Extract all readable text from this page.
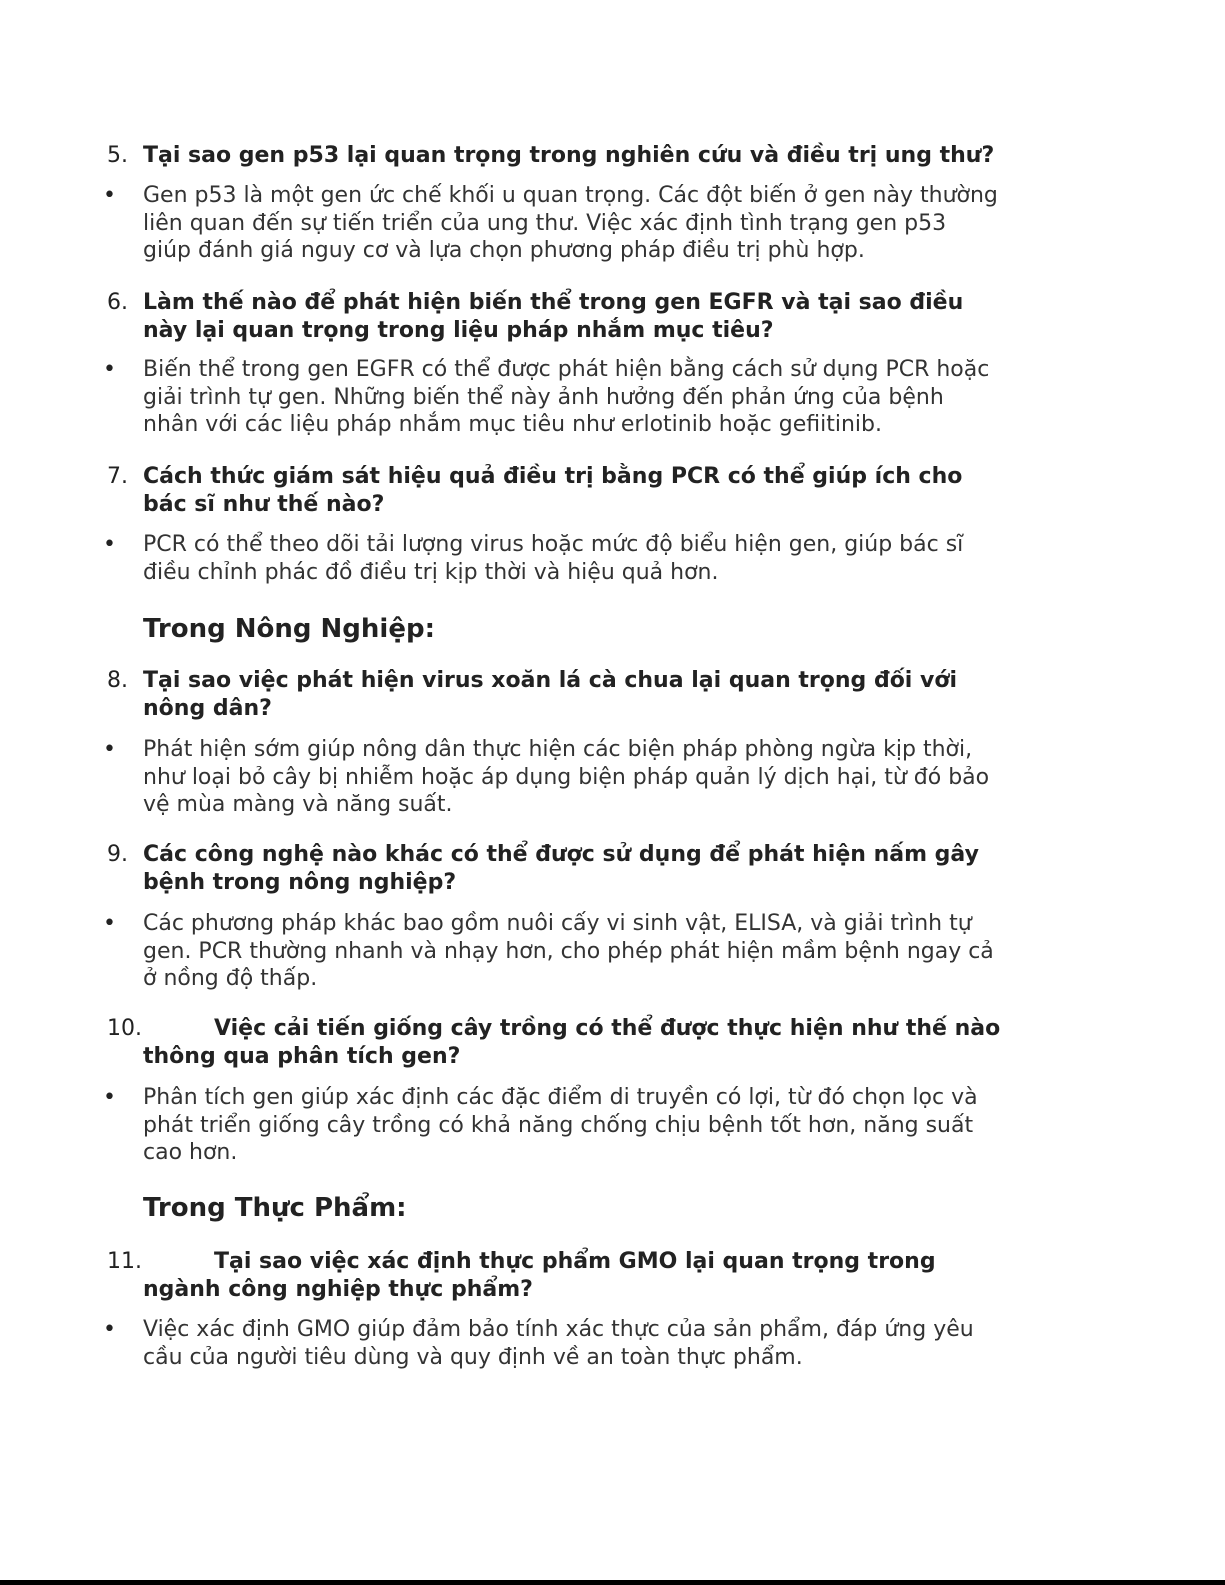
5. Tại sao gen p53 lại quan trọng trong nghiên cứu và điều trị ung thư?
• Gen p53 là một gen ức chế khối u quan trọng. Các đột biến ở gen này thường
liên quan đến sự tiến triển của ung thư. Việc xác định tình trạng gen p53
giúp đánh giá nguy cơ và lựa chọn phương pháp điều trị phù hợp.
6. Làm thế nào để phát hiện biến thể trong gen EGFR và tại sao điều
này lại quan trọng trong liệu pháp nhắm mục tiêu?
• Biến thể trong gen EGFR có thể được phát hiện bằng cách sử dụng PCR hoặc
giải trình tự gen. Những biến thể này ảnh hưởng đến phản ứng của bệnh
nhân với các liệu pháp nhắm mục tiêu như erlotinib hoặc gefiitinib.
7. Cách thức giám sát hiệu quả điều trị bằng PCR có thể giúp ích cho
bác sĩ như thế nào?
• PCR có thể theo dõi tải lượng virus hoặc mức độ biểu hiện gen, giúp bác sĩ
điều chỉnh phác đồ điều trị kịp thời và hiệu quả hơn.
Trong Nông Nghiệp:
8. Tại sao việc phát hiện virus xoăn lá cà chua lại quan trọng đối với
nông dân?
• Phát hiện sớm giúp nông dân thực hiện các biện pháp phòng ngừa kịp thời,
như loại bỏ cây bị nhiễm hoặc áp dụng biện pháp quản lý dịch hại, từ đó bảo
vệ mùa màng và năng suất.
9. Các công nghệ nào khác có thể được sử dụng để phát hiện nấm gây
bệnh trong nông nghiệp?
• Các phương pháp khác bao gồm nuôi cấy vi sinh vật, ELISA, và giải trình tự
gen. PCR thường nhanh và nhạy hơn, cho phép phát hiện mầm bệnh ngay cả
ở nồng độ thấp.
10.	Việc cải tiến giống cây trồng có thể được thực hiện như thế nào
thông qua phân tích gen?
• Phân tích gen giúp xác định các đặc điểm di truyền có lợi, từ đó chọn lọc và
phát triển giống cây trồng có khả năng chống chịu bệnh tốt hơn, năng suất
cao hơn.
Trong Thực Phẩm:
11.	Tại sao việc xác định thực phẩm GMO lại quan trọng trong
ngành công nghiệp thực phẩm?
• Việc xác định GMO giúp đảm bảo tính xác thực của sản phẩm, đáp ứng yêu
cầu của người tiêu dùng và quy định về an toàn thực phẩm.
